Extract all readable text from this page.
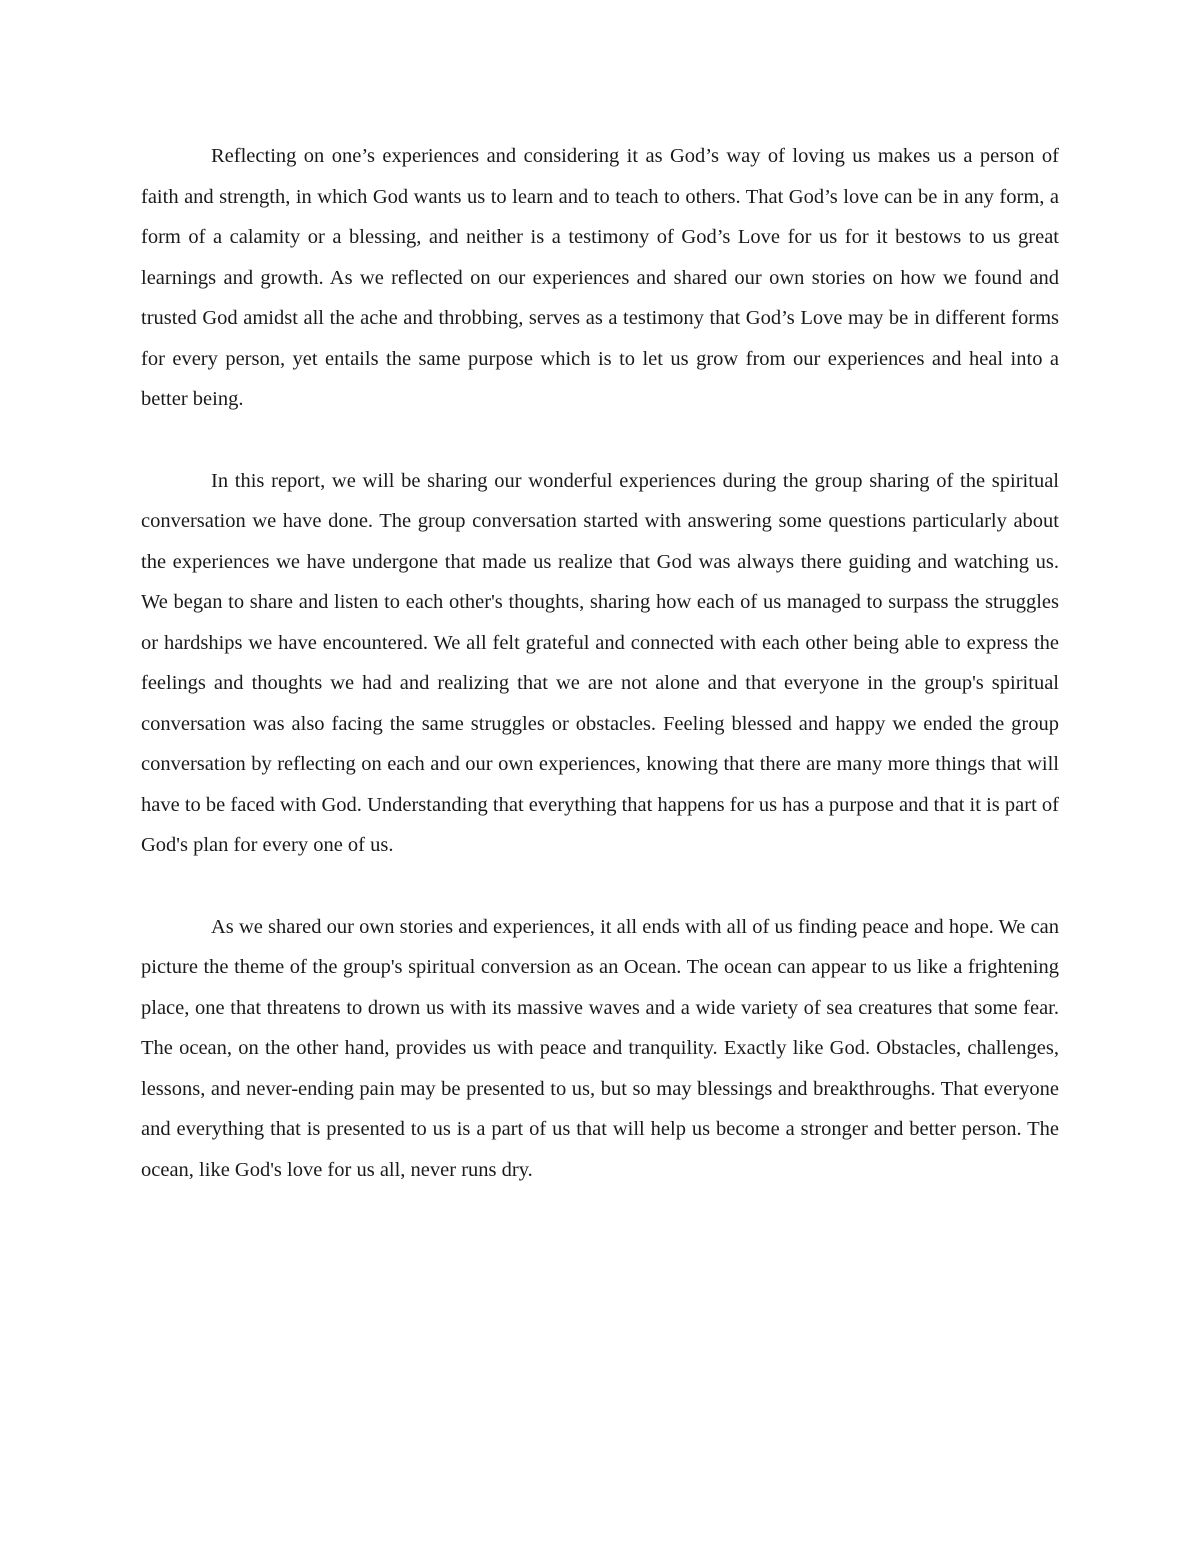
Reflecting on one’s experiences and considering it as God’s way of loving us makes us a person of faith and strength, in which God wants us to learn and to teach to others. That God’s love can be in any form, a form of a calamity or a blessing, and neither is a testimony of God’s Love for us for it bestows to us great learnings and growth. As we reflected on our experiences and shared our own stories on how we found and trusted God amidst all the ache and throbbing, serves as a testimony that God’s Love may be in different forms for every person, yet entails the same purpose which is to let us grow from our experiences and heal into a better being.

In this report, we will be sharing our wonderful experiences during the group sharing of the spiritual conversation we have done. The group conversation started with answering some questions particularly about the experiences we have undergone that made us realize that God was always there guiding and watching us. We began to share and listen to each other's thoughts, sharing how each of us managed to surpass the struggles or hardships we have encountered. We all felt grateful and connected with each other being able to express the feelings and thoughts we had and realizing that we are not alone and that everyone in the group's spiritual conversation was also facing the same struggles or obstacles. Feeling blessed and happy we ended the group conversation by reflecting on each and our own experiences, knowing that there are many more things that will have to be faced with God. Understanding that everything that happens for us has a purpose and that it is part of God's plan for every one of us.

As we shared our own stories and experiences, it all ends with all of us finding peace and hope. We can picture the theme of the group's spiritual conversion as an Ocean. The ocean can appear to us like a frightening place, one that threatens to drown us with its massive waves and a wide variety of sea creatures that some fear. The ocean, on the other hand, provides us with peace and tranquility. Exactly like God. Obstacles, challenges, lessons, and never-ending pain may be presented to us, but so may blessings and breakthroughs. That everyone and everything that is presented to us is a part of us that will help us become a stronger and better person. The ocean, like God's love for us all, never runs dry.
